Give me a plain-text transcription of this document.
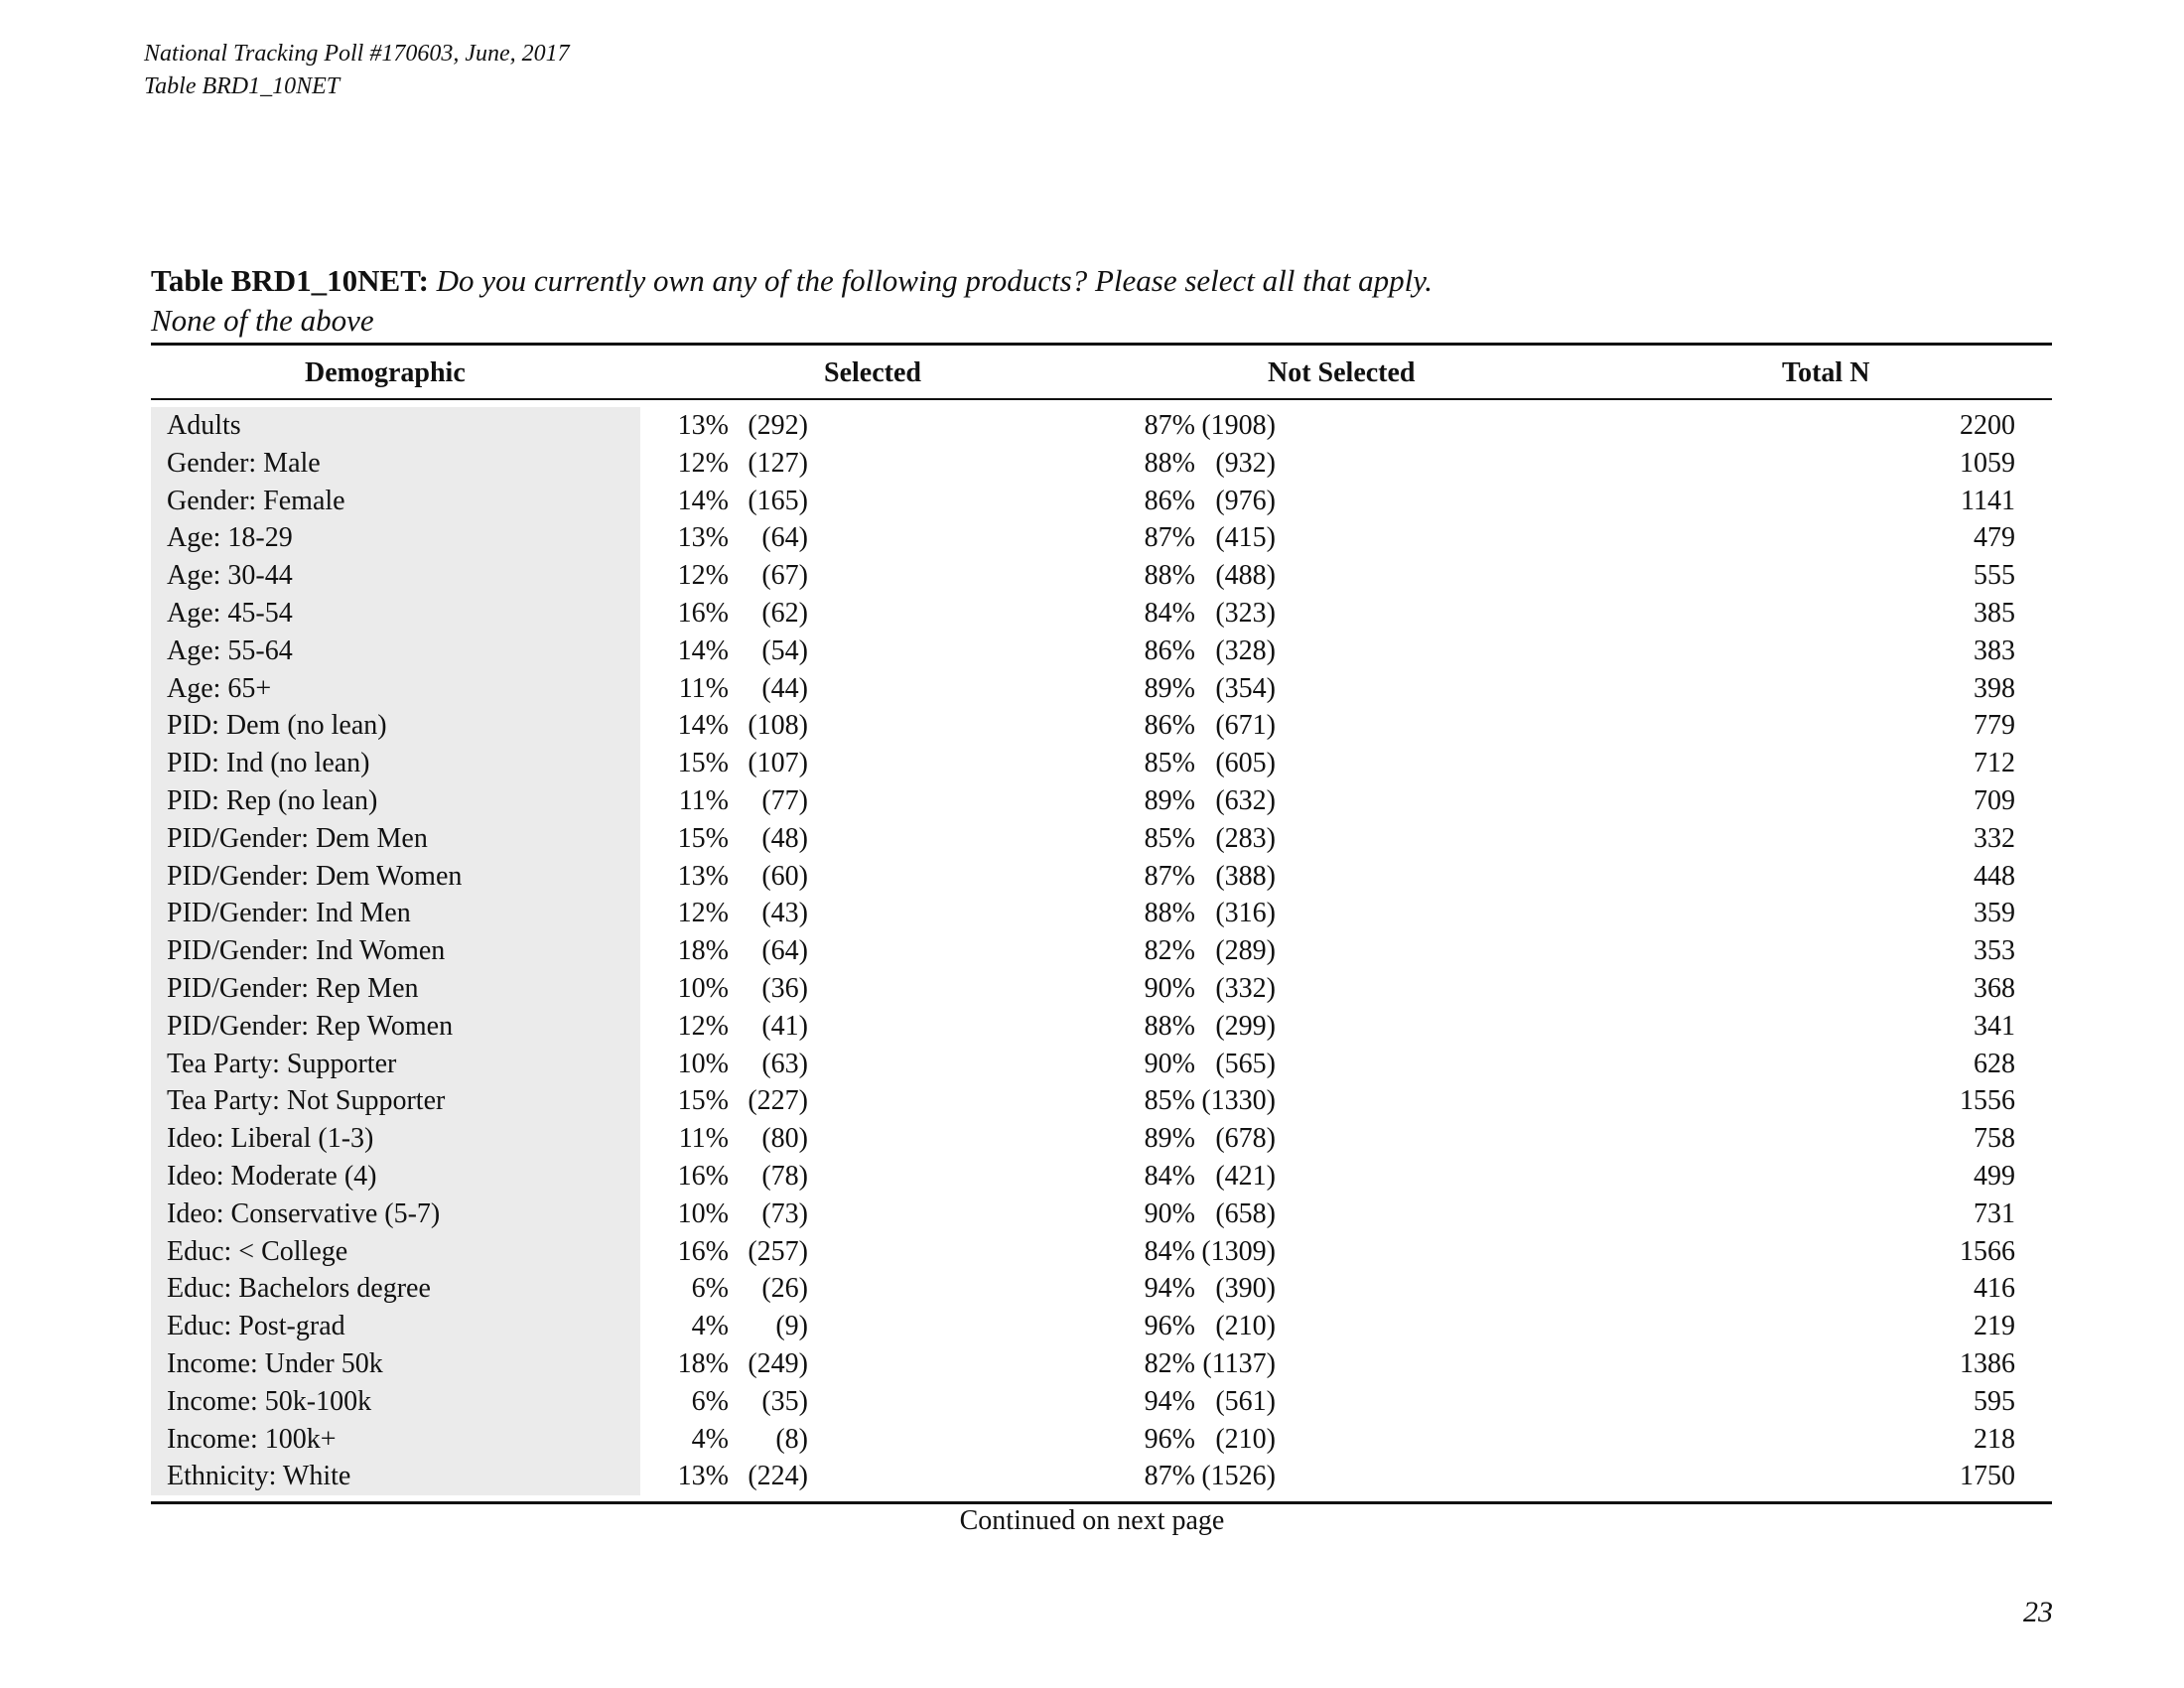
National Tracking Poll #170603, June, 2017
Table BRD1_10NET
Table BRD1_10NET: Do you currently own any of the following products? Please select all that apply.
None of the above
Demographic	Selected	Not Selected	Total N
Adults	13% (292)	87% (1908)	2200
Gender: Male	12% (127)	88% (932)	1059
Gender: Female	14% (165)	86% (976)	1141
Age: 18-29	13% (64)	87% (415)	479
Age: 30-44	12% (67)	88% (488)	555
Age: 45-54	16% (62)	84% (323)	385
Age: 55-64	14% (54)	86% (328)	383
Age: 65+	11% (44)	89% (354)	398
PID: Dem (no lean)	14% (108)	86% (671)	779
PID: Ind (no lean)	15% (107)	85% (605)	712
PID: Rep (no lean)	11% (77)	89% (632)	709
PID/Gender: Dem Men	15% (48)	85% (283)	332
PID/Gender: Dem Women	13% (60)	87% (388)	448
PID/Gender: Ind Men	12% (43)	88% (316)	359
PID/Gender: Ind Women	18% (64)	82% (289)	353
PID/Gender: Rep Men	10% (36)	90% (332)	368
PID/Gender: Rep Women	12% (41)	88% (299)	341
Tea Party: Supporter	10% (63)	90% (565)	628
Tea Party: Not Supporter	15% (227)	85% (1330)	1556
Ideo: Liberal (1-3)	11% (80)	89% (678)	758
Ideo: Moderate (4)	16% (78)	84% (421)	499
Ideo: Conservative (5-7)	10% (73)	90% (658)	731
Educ: < College	16% (257)	84% (1309)	1566
Educ: Bachelors degree	6% (26)	94% (390)	416
Educ: Post-grad	4% (9)	96% (210)	219
Income: Under 50k	18% (249)	82% (1137)	1386
Income: 50k-100k	6% (35)	94% (561)	595
Income: 100k+	4% (8)	96% (210)	218
Ethnicity: White	13% (224)	87% (1526)	1750
Continued on next page
23
